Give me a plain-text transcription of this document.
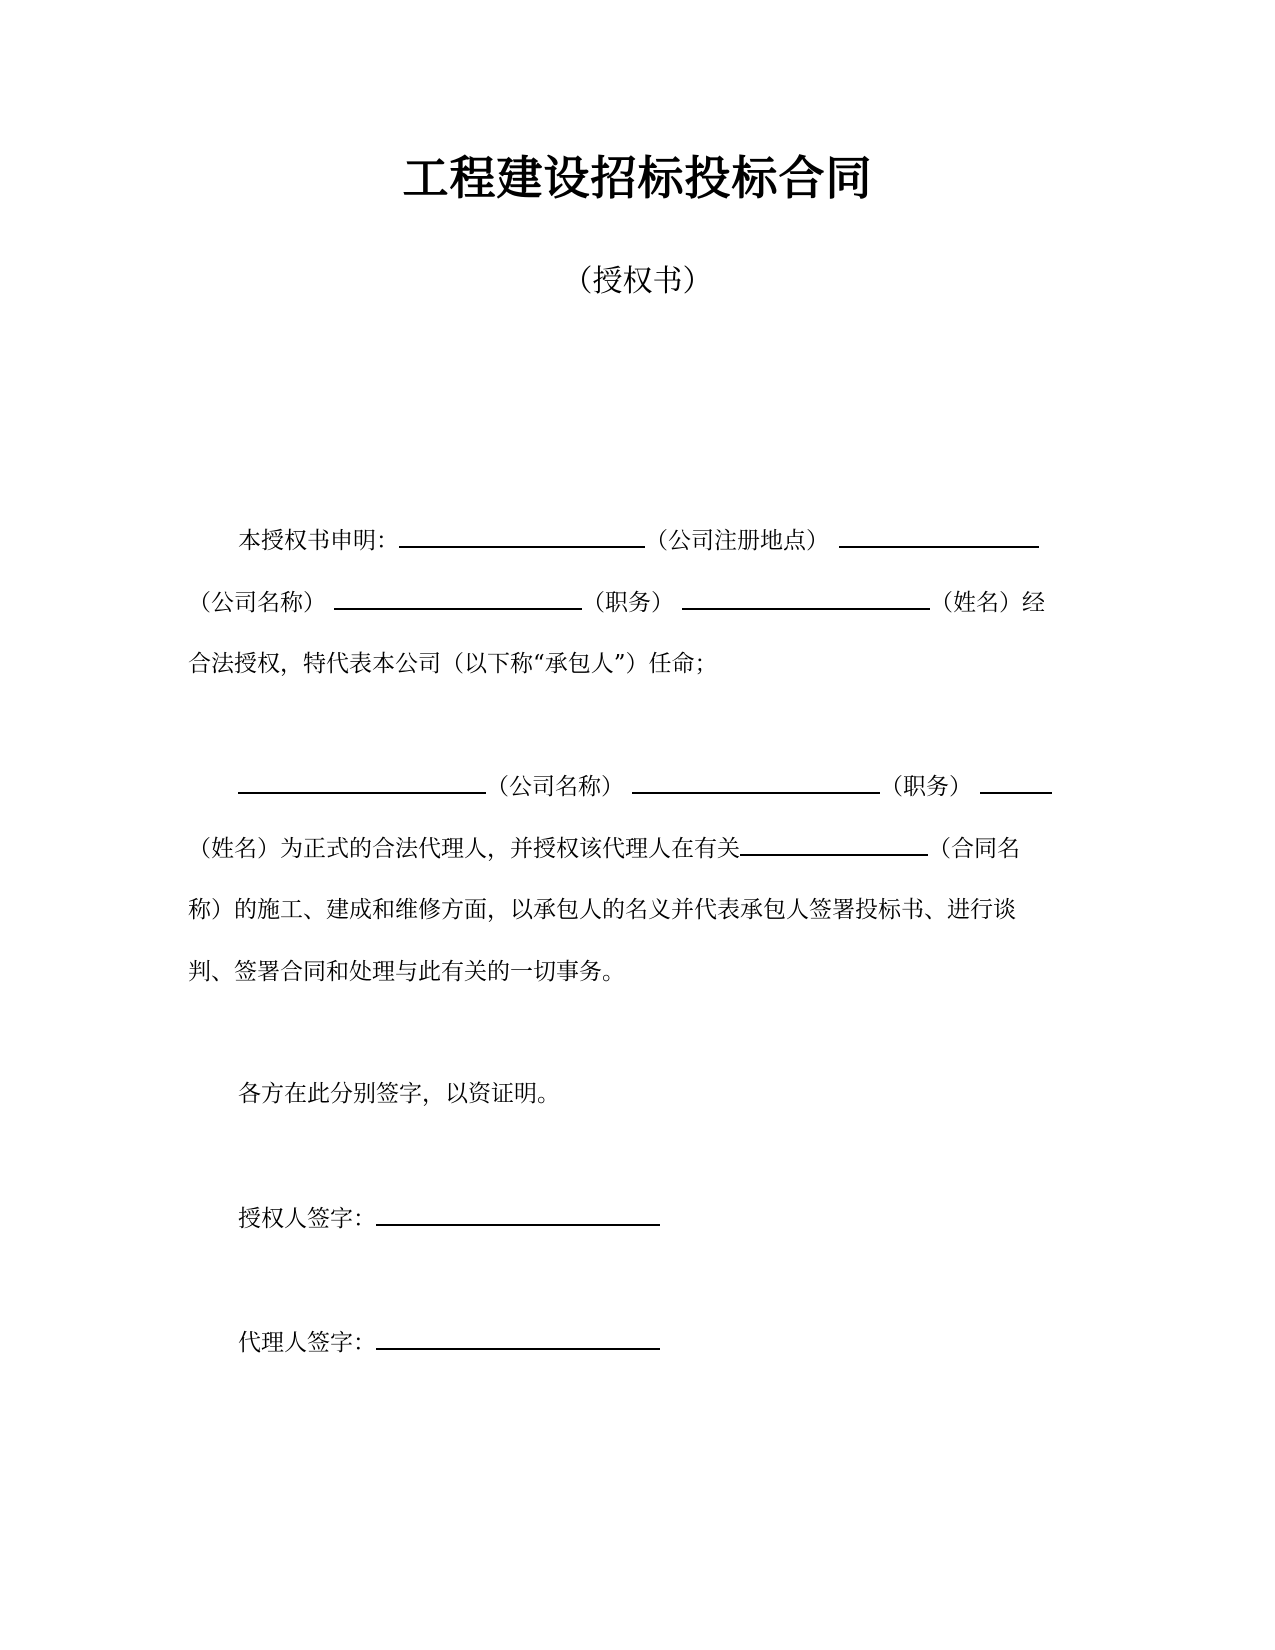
工程建设招标投标合同
（授权书）
本授权书申明：	（公司注册地点）
（公司名称）	（职务）	（姓名）经
合法授权，特代表本公司（以下称“承包人”）任命；
（公司名称）	（职务）
（姓名）为正式的合法代理人，并授权该代理人在有关	（合同名
称）的施工、建成和维修方面，以承包人的名义并代表承包人签署投标书、进行谈
判、签署合同和处理与此有关的一切事务。
各方在此分别签字，以资证明。
授权人签字：
代理人签字：
